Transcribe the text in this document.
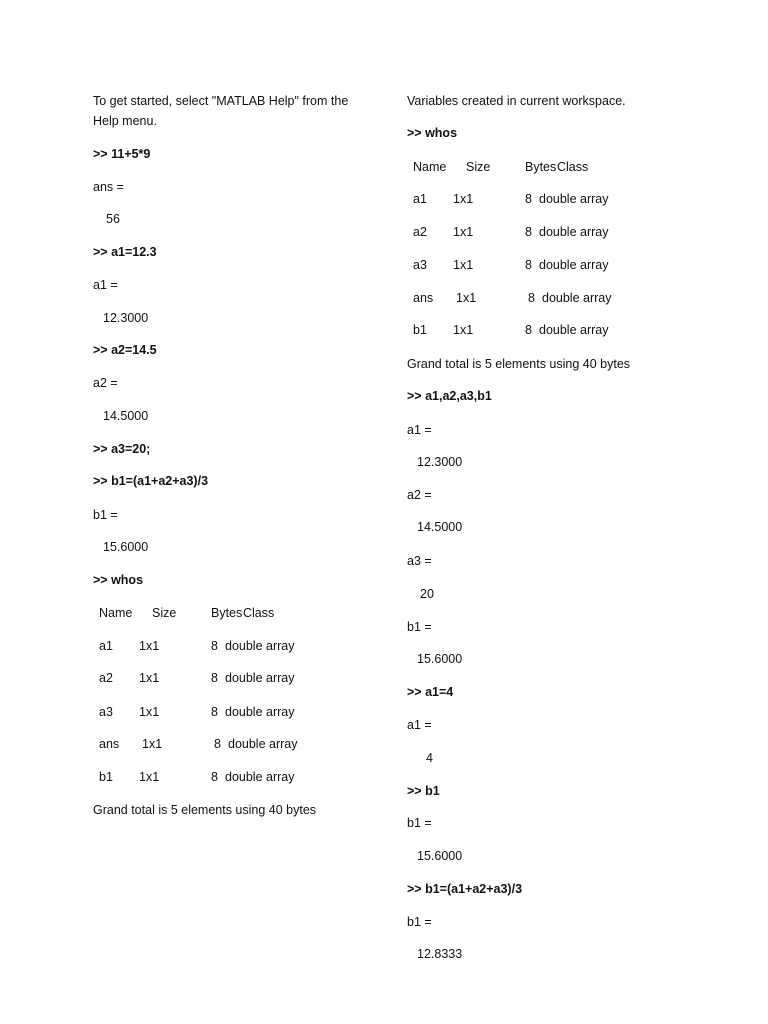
To get started, select "MATLAB Help" from the Help menu.
>> 11+5*9
ans =
56
>> a1=12.3
a1 =
12.3000
>> a2=14.5
a2 =
14.5000
>> a3=20;
>> b1=(a1+a2+a3)/3
b1 =
15.6000
>> whos
Name Size	Bytes Class
a1 1x1	8 double array
a2 1x1	8 double array
a3 1x1	8 double array
ans 1x1	8 double array
b1 1x1	8 double array
Grand total is 5 elements using 40 bytes
Variables created in current workspace.
>> whos
Name Size	Bytes Class
a1 1x1	8 double array
a2 1x1	8 double array
a3 1x1	8 double array
ans 1x1	8 double array
b1 1x1	8 double array
Grand total is 5 elements using 40 bytes
>> a1,a2,a3,b1
a1 =
12.3000
a2 =
14.5000
a3 =
20
b1 =
15.6000
>> a1=4
a1 =
4
>> b1
b1 =
15.6000
>> b1=(a1+a2+a3)/3
b1 =
12.8333
